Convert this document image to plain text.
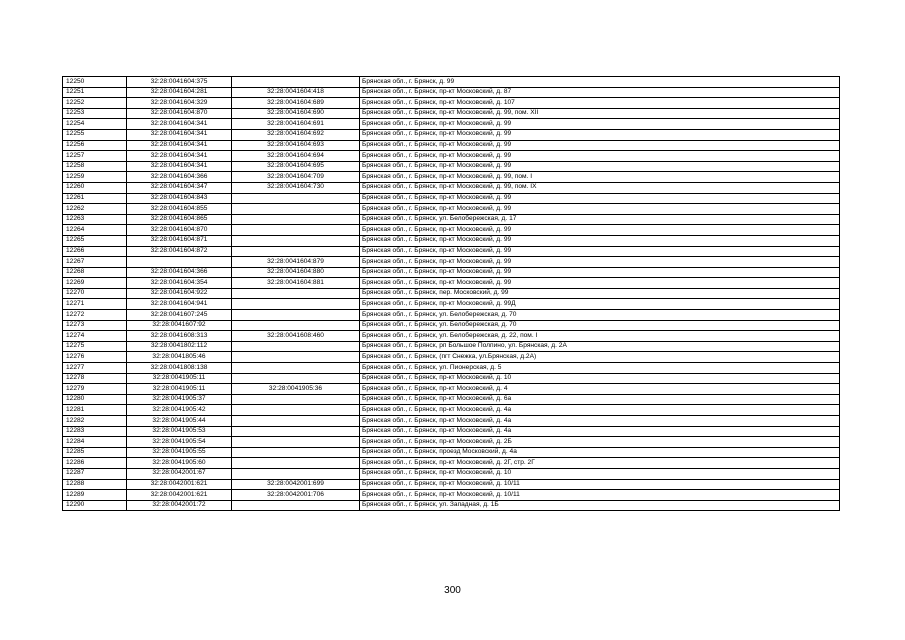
12250	32:28:0041604:375		Брянская обл., г. Брянск, д. 99
12251	32:28:0041604:281	32:28:0041604:418	Брянская обл., г. Брянск, пр-кт Московский, д. 87
12252	32:28:0041604:329	32:28:0041604:689	Брянская обл., г. Брянск, пр-кт Московский, д. 107
12253	32:28:0041604:870	32:28:0041604:690	Брянская обл., г. Брянск, пр-кт Московский, д. 99, пом. XII
12254	32:28:0041604:341	32:28:0041604:691	Брянская обл., г. Брянск, пр-кт Московский, д. 99
12255	32:28:0041604:341	32:28:0041604:692	Брянская обл., г. Брянск, пр-кт Московский, д. 99
12256	32:28:0041604:341	32:28:0041604:693	Брянская обл., г. Брянск, пр-кт Московский, д. 99
12257	32:28:0041604:341	32:28:0041604:694	Брянская обл., г. Брянск, пр-кт Московский, д. 99
12258	32:28:0041604:341	32:28:0041604:695	Брянская обл., г. Брянск, пр-кт Московский, д. 99
12259	32:28:0041604:366	32:28:0041604:709	Брянская обл., г. Брянск, пр-кт Московский, д. 99, пом. I
12260	32:28:0041604:347	32:28:0041604:730	Брянская обл., г. Брянск, пр-кт Московский, д. 99, пом. IX
12261	32:28:0041604:843		Брянская обл., г. Брянск, пр-кт Московский, д. 99
12262	32:28:0041604:855		Брянская обл., г. Брянск, пр-кт Московский, д. 99
12263	32:28:0041604:865		Брянская обл., г. Брянск, ул. Белобережская, д. 17
12264	32:28:0041604:870		Брянская обл., г. Брянск, пр-кт Московский, д. 99
12265	32:28:0041604:871		Брянская обл., г. Брянск, пр-кт Московский, д. 99
12266	32:28:0041604:872		Брянская обл., г. Брянск, пр-кт Московский, д. 99
12267		32:28:0041604:879	Брянская обл., г. Брянск, пр-кт Московский, д. 99
12268	32:28:0041604:366	32:28:0041604:880	Брянская обл., г. Брянск, пр-кт Московский, д. 99
12269	32:28:0041604:354	32:28:0041604:881	Брянская обл., г. Брянск, пр-кт Московский, д. 99
12270	32:28:0041604:922		Брянская обл., г. Брянск, пер. Московский, д. 99
12271	32:28:0041604:941		Брянская обл., г. Брянск, пр-кт Московский, д. 99Д
12272	32:28:0041607:245		Брянская обл., г. Брянск, ул. Белобережская, д. 70
12273	32:28:0041607:92		Брянская обл., г. Брянск, ул. Белобережская, д. 70
12274	32:28:0041608:313	32:28:0041608:460	Брянская обл., г. Брянск, ул. Белобережская, д. 22, пом. I
12275	32:28:0041802:112		Брянская обл., г. Брянск, рп Большое Полпино, ул. Брянская, д. 2А
12276	32:28:0041805:46		Брянская обл., г. Брянск, (пгт Снежка, ул.Брянская, д.2А)
12277	32:28:0041808:138		Брянская обл., г. Брянск, ул. Пионерская, д. 5
12278	32:28:0041905:11		Брянская обл., г. Брянск, пр-кт Московский, д. 10
12279	32:28:0041905:11	32:28:0041905:36	Брянская обл., г. Брянск, пр-кт Московский, д. 4
12280	32:28:0041905:37		Брянская обл., г. Брянск, пр-кт Московский, д. 6а
12281	32:28:0041905:42		Брянская обл., г. Брянск, пр-кт Московский, д. 4а
12282	32:28:0041905:44		Брянская обл., г. Брянск, пр-кт Московский, д. 4а
12283	32:28:0041905:53		Брянская обл., г. Брянск, пр-кт Московский, д. 4а
12284	32:28:0041905:54		Брянская обл., г. Брянск, пр-кт Московский, д. 2Б
12285	32:28:0041905:55		Брянская обл., г. Брянск, проезд Московский, д. 4а
12286	32:28:0041905:60		Брянская обл., г. Брянск, пр-кт Московский, д. 2Г, стр. 2Г
12287	32:28:0042001:67		Брянская обл., г. Брянск, пр-кт Московский, д. 10
12288	32:28:0042001:621	32:28:0042001:699	Брянская обл., г. Брянск, пр-кт Московский, д. 10/11
12289	32:28:0042001:621	32:28:0042001:706	Брянская обл., г. Брянск, пр-кт Московский, д. 10/11
12290	32:28:0042001:72		Брянская обл., г. Брянск, ул. Западная, д. 1Б
300
